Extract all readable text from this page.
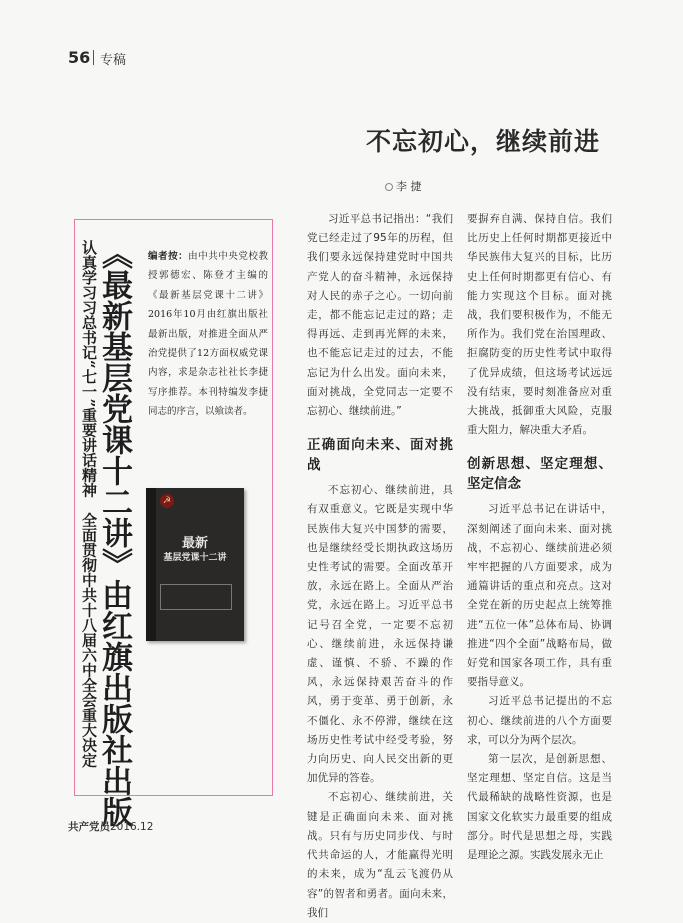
56 专稿
不忘初心，继续前进
李 捷
《最新基层党课十二讲》由红旗出版社出版
认真学习习总书记“七一”重要讲话精神　全面贯彻中共十八届六中全会重大决定	编者按：由中共中央党校教授郭德宏、陈登才主编的《最新基层党课十二讲》2016年10月由红旗出版社最新出版，对推进全面从严治党提供了12方面权威党课内容，求是杂志社社长李捷写序推荐。本刊特编发李捷同志的序言，以飨读者。
☭
最新
基层党课十二讲

习近平总书记指出：“我们党已经走过了95年的历程，但我们要永远保持建党时中国共产党人的奋斗精神，永远保持对人民的赤子之心。一切向前走，都不能忘记走过的路；走得再远、走到再光辉的未来，也不能忘记走过的过去，不能忘记为什么出发。面向未来，面对挑战，全党同志一定要不忘初心、继续前进。”

正确面向未来、面对挑战

不忘初心、继续前进，具有双重意义。它既是实现中华民族伟大复兴中国梦的需要，也是继续经受长期执政这场历史性考试的需要。全面改革开放，永远在路上。全面从严治党，永远在路上。习近平总书记号召全党，一定要不忘初心、继续前进，永远保持谦虚、谨慎、不骄、不躁的作风，永远保持艰苦奋斗的作风，勇于变革、勇于创新，永不僵化、永不停滞，继续在这场历史性考试中经受考验，努力向历史、向人民交出新的更加优异的答卷。

不忘初心、继续前进，关键是正确面向未来、面对挑战。只有与历史同步伐、与时代共命运的人，才能赢得光明的未来，成为“乱云飞渡仍从容”的智者和勇者。面向未来，我们

要摒弃自满、保持自信。我们比历史上任何时期都更接近中华民族伟大复兴的目标，比历史上任何时期都更有信心、有能力实现这个目标。面对挑战，我们要积极作为，不能无所作为。我们党在治国理政、拒腐防变的历史性考试中取得了优异成绩，但这场考试远远没有结束，要时刻准备应对重大挑战，抵御重大风险，克服重大阻力，解决重大矛盾。

创新思想、坚定理想、坚定信念

习近平总书记在讲话中，深刻阐述了面向未来、面对挑战，不忘初心、继续前进必须牢牢把握的八方面要求，成为通篇讲话的重点和亮点。这对全党在新的历史起点上统筹推进“五位一体”总体布局、协调推进“四个全面”战略布局，做好党和国家各项工作，具有重要指导意义。

习近平总书记提出的不忘初心、继续前进的八个方面要求，可以分为两个层次。

第一层次，是创新思想、坚定理想、坚定自信。这是当代最稀缺的战略性资源，也是国家文化软实力最重要的组成部分。时代是思想之母，实践是理论之源。实践发展永无止

共产党员2016.12
